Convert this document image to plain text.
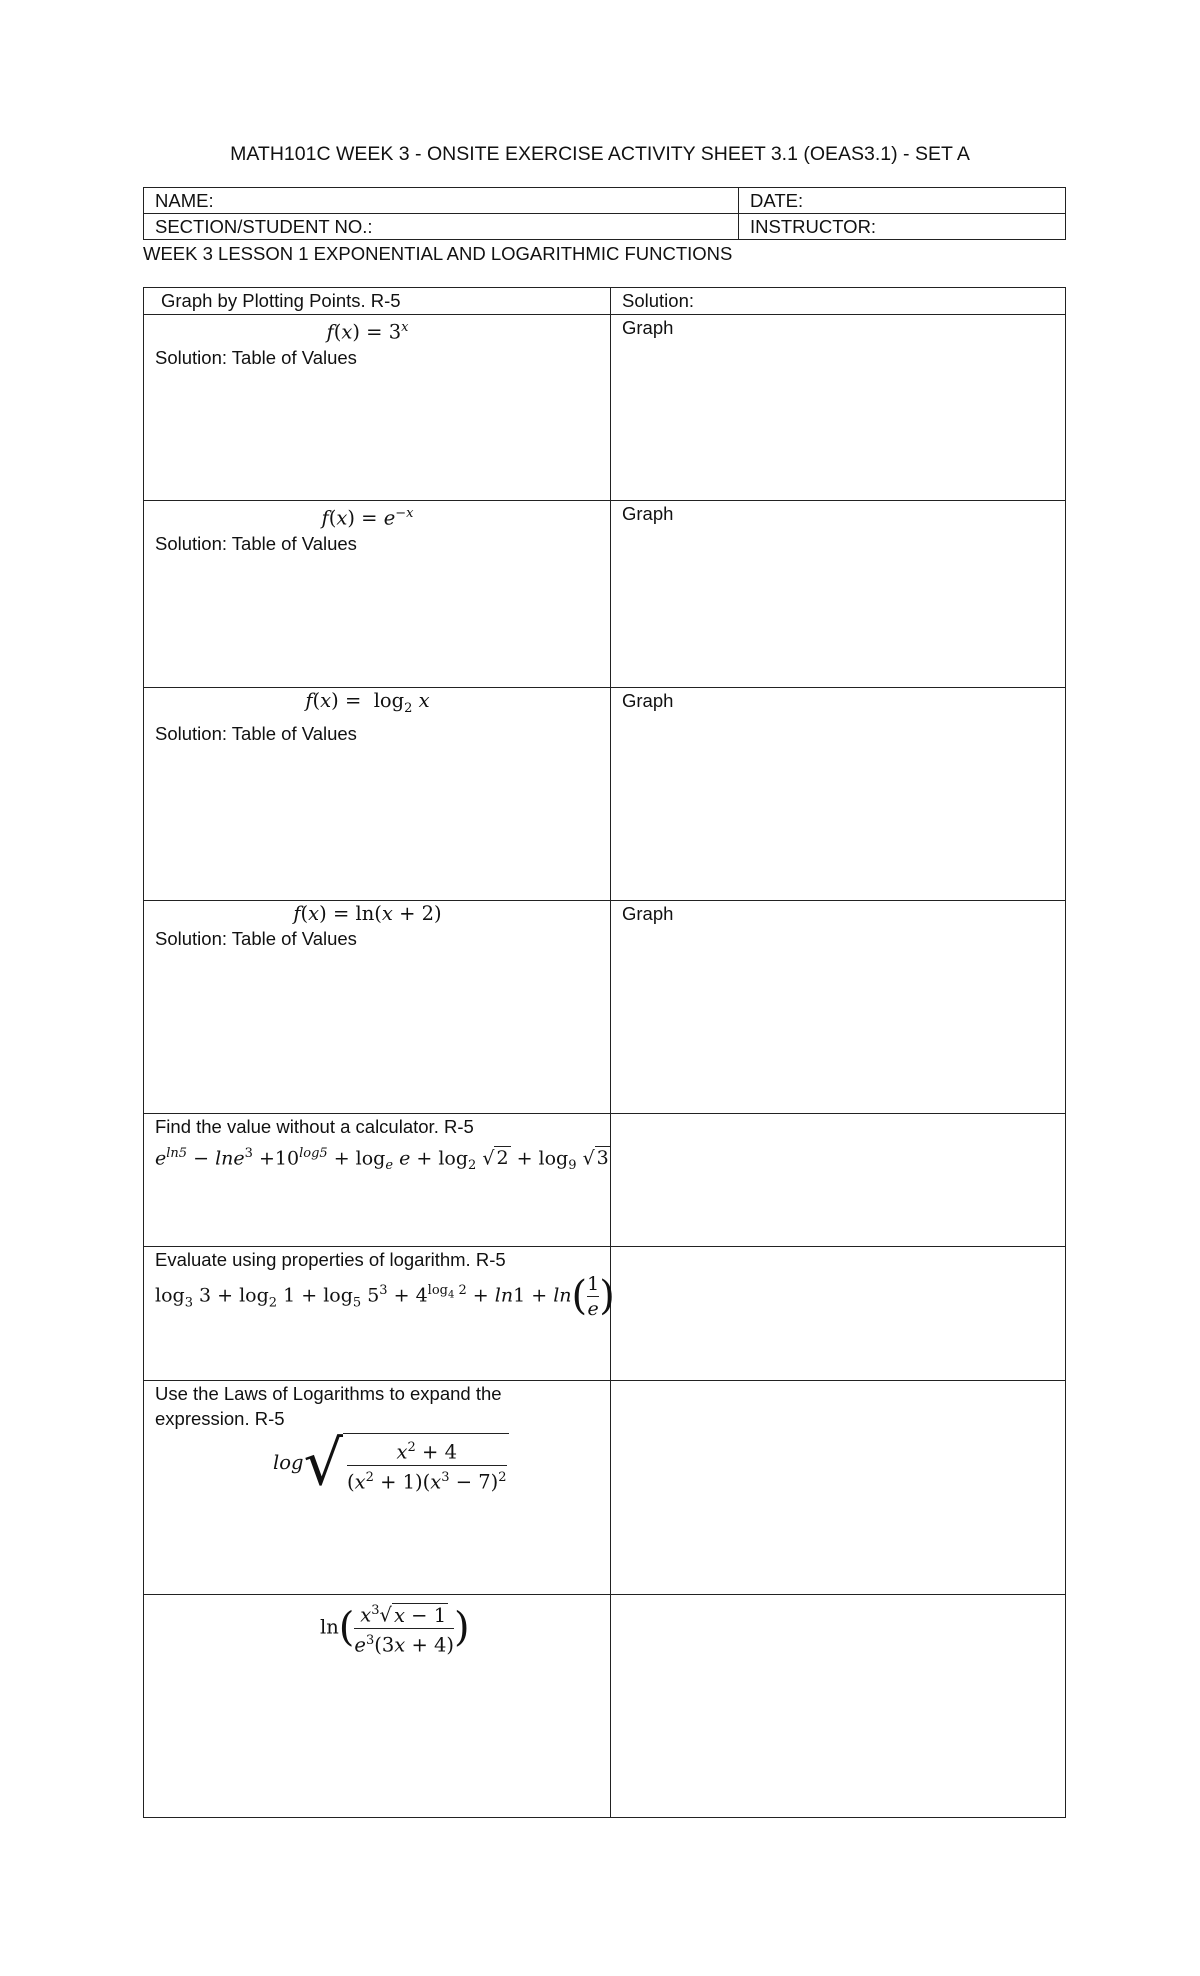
MATH101C WEEK 3 - ONSITE EXERCISE ACTIVITY SHEET 3.1 (OEAS3.1) - SET A
NAME:	DATE:
SECTION/STUDENT NO.:	INSTRUCTOR:
WEEK 3 LESSON 1 EXPONENTIAL AND LOGARITHMIC FUNCTIONS
Graph by Plotting Points. R-5	Solution:

$f(x) = 3^x$
Solution: Table of Values	Graph

$f(x) = e^{-x}$
Solution: Table of Values	Graph

$f(x) = \log_2 x$
Solution: Table of Values	Graph

f(x) = ln(x + 2)
Solution: Table of Values	Graph

Find the value without a calculator. R-5
$e^{ln5} - \ln e^3 +10^{log5} + \log_e e + \log_2$ √ $2 + \log_9$ √ 3	

Evaluate using properties of logarithm. R-5
$\log_3 3 + \log_2 1 + \log_5 5^3 + 4^{log_4 2} + \ln 1 + \ln( \frac{1}{e}$ )	

Use the Laws of Logarithms to expand the
expression. R-5
$\log√ \frac{x^2 + 4}{(x^2 + 1)(x^3 - 7)^2}$

$\ln( \frac{x^3√ x - 1}{e^3(3x + 4)}$ )	
